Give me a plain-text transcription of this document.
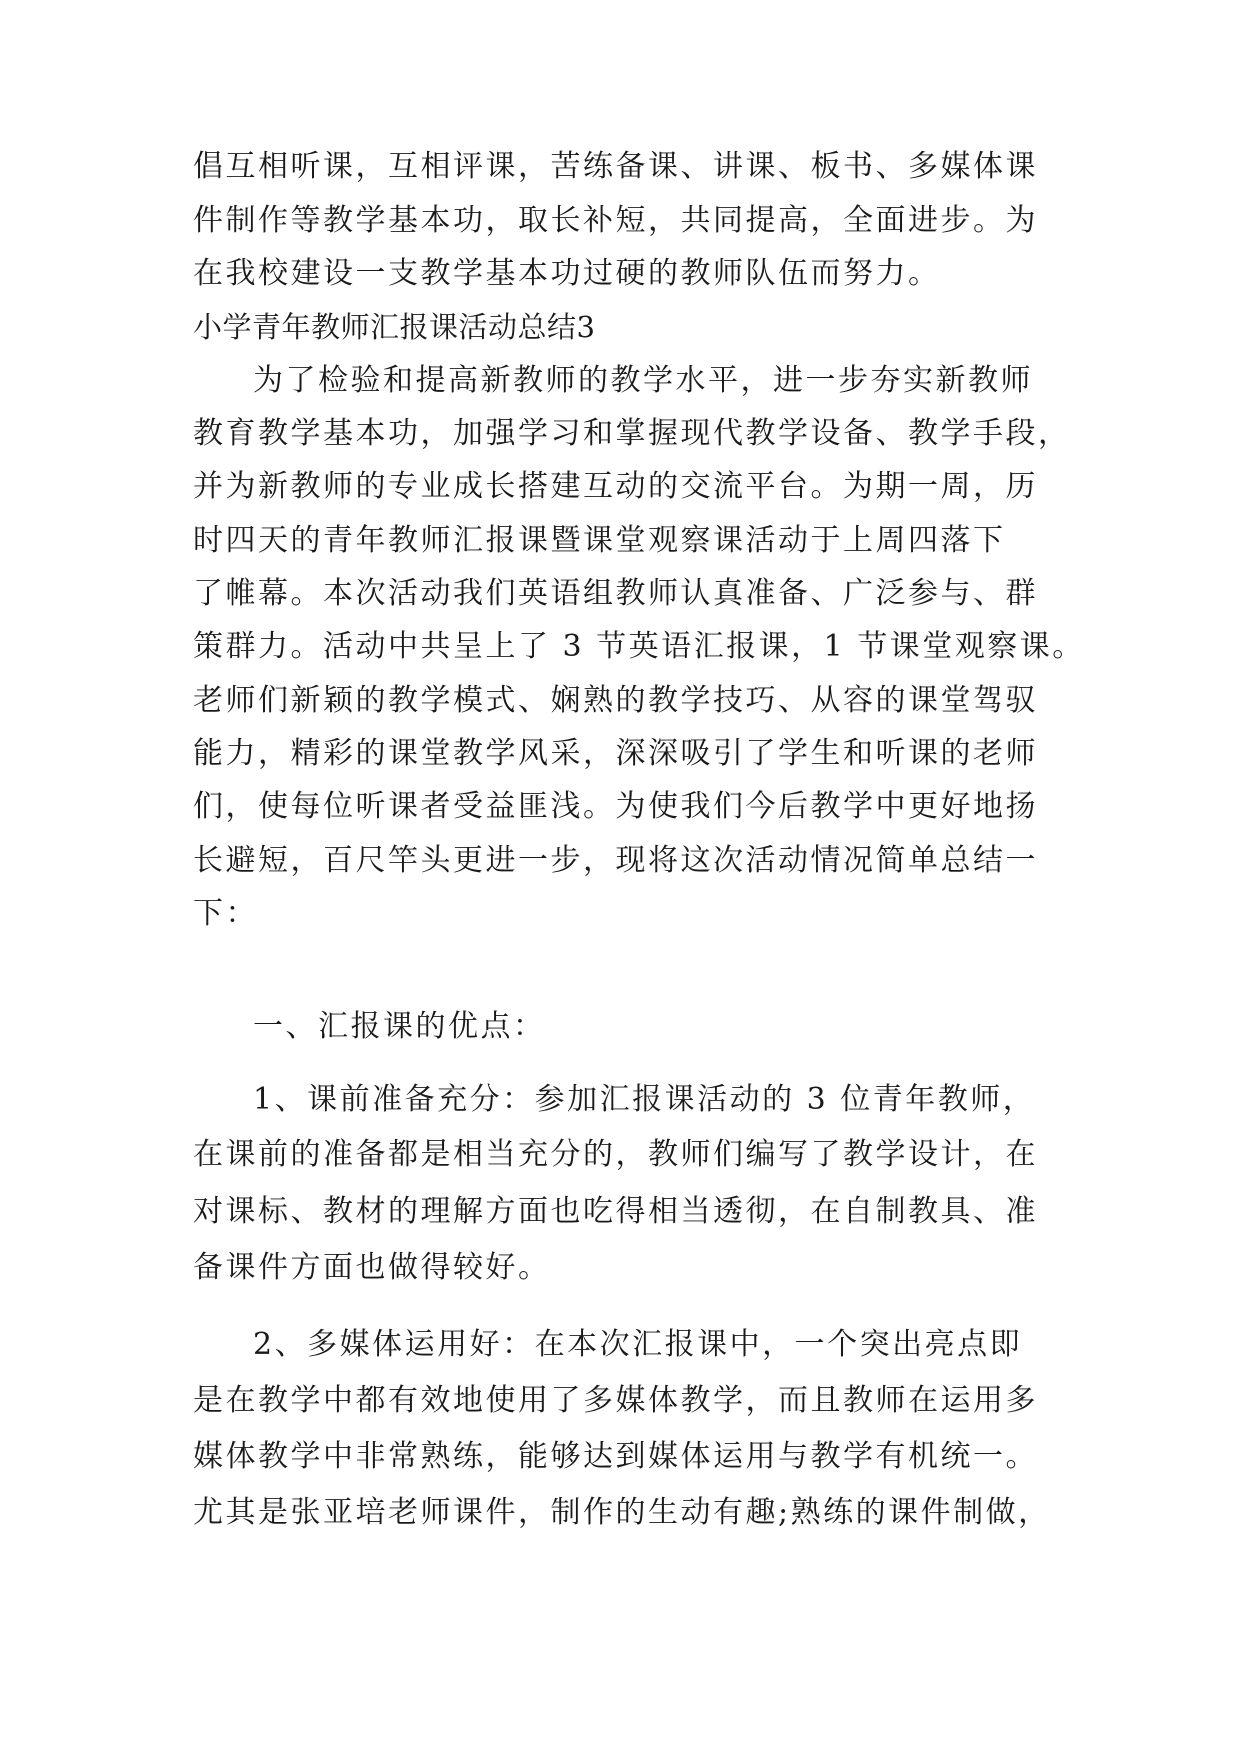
倡互相听课，互相评课，苦练备课、讲课、板书、多媒体课
件制作等教学基本功，取长补短，共同提高，全面进步。为
在我校建设一支教学基本功过硬的教师队伍而努力。
小学青年教师汇报课活动总结3
为了检验和提高新教师的教学水平，进一步夯实新教师
教育教学基本功，加强学习和掌握现代教学设备、教学手段，
并为新教师的专业成长搭建互动的交流平台。为期一周，历
时四天的青年教师汇报课暨课堂观察课活动于上周四落下
了帷幕。本次活动我们英语组教师认真准备、广泛参与、群
策群力。活动中共呈上了 3 节英语汇报课，1 节课堂观察课。
老师们新颖的教学模式、娴熟的教学技巧、从容的课堂驾驭
能力，精彩的课堂教学风采，深深吸引了学生和听课的老师
们，使每位听课者受益匪浅。为使我们今后教学中更好地扬
长避短，百尺竿头更进一步，现将这次活动情况简单总结一
下：
一、汇报课的优点：
1、课前准备充分：参加汇报课活动的 3 位青年教师，
在课前的准备都是相当充分的，教师们编写了教学设计，在
对课标、教材的理解方面也吃得相当透彻，在自制教具、准
备课件方面也做得较好。
2、多媒体运用好：在本次汇报课中，一个突出亮点即
是在教学中都有效地使用了多媒体教学，而且教师在运用多
媒体教学中非常熟练，能够达到媒体运用与教学有机统一。
尤其是张亚培老师课件，制作的生动有趣;熟练的课件制做，
